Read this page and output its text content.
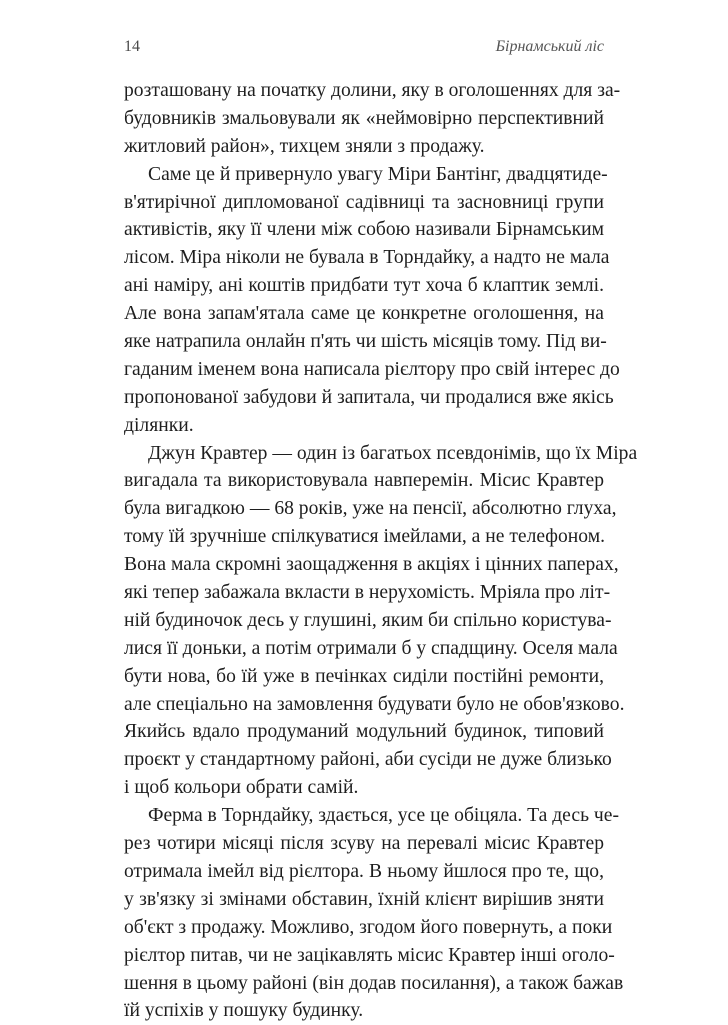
14	Бірнамський ліс
розташовану на початку долини, яку в оголошеннях для за-
будовників змальовували як «неймовірно перспективний
житловий район», тихцем зняли з продажу.
Саме це й привернуло увагу Міри Бантінг, двадцятиде-
в'ятирічної дипломованої садівниці та засновниці групи
активістів, яку її члени між собою називали Бірнамським
лісом. Міра ніколи не бувала в Торндайку, а надто не мала
ані наміру, ані коштів придбати тут хоча б клаптик землі.
Але вона запам'ятала саме це конкретне оголошення, на
яке натрапила онлайн п'ять чи шість місяців тому. Під ви-
гаданим іменем вона написала рієлтору про свій інтерес до
пропонованої забудови й запитала, чи продалися вже якісь
ділянки.
Джун Кравтер — один із багатьох псевдонімів, що їх Міра
вигадала та використовувала навперемін. Місис Кравтер
була вигадкою — 68 років, уже на пенсії, абсолютно глуха,
тому їй зручніше спілкуватися імейлами, а не телефоном.
Вона мала скромні заощадження в акціях і цінних паперах,
які тепер забажала вкласти в нерухомість. Мріяла про літ-
ній будиночок десь у глушині, яким би спільно користува-
лися її доньки, а потім отримали б у спадщину. Оселя мала
бути нова, бо їй уже в печінках сиділи постійні ремонти,
але спеціально на замовлення будувати було не обов'язково.
Якийсь вдало продуманий модульний будинок, типовий
проєкт у стандартному районі, аби сусіди не дуже близько
і щоб кольори обрати самій.
Ферма в Торндайку, здається, усе це обіцяла. Та десь че-
рез чотири місяці після зсуву на перевалі місис Кравтер
отримала імейл від рієлтора. В ньому йшлося про те, що,
у зв'язку зі змінами обставин, їхній клієнт вирішив зняти
об'єкт з продажу. Можливо, згодом його повернуть, а поки
рієлтор питав, чи не зацікавлять місис Кравтер інші оголо-
шення в цьому районі (він додав посилання), а також бажав
їй успіхів у пошуку будинку.
